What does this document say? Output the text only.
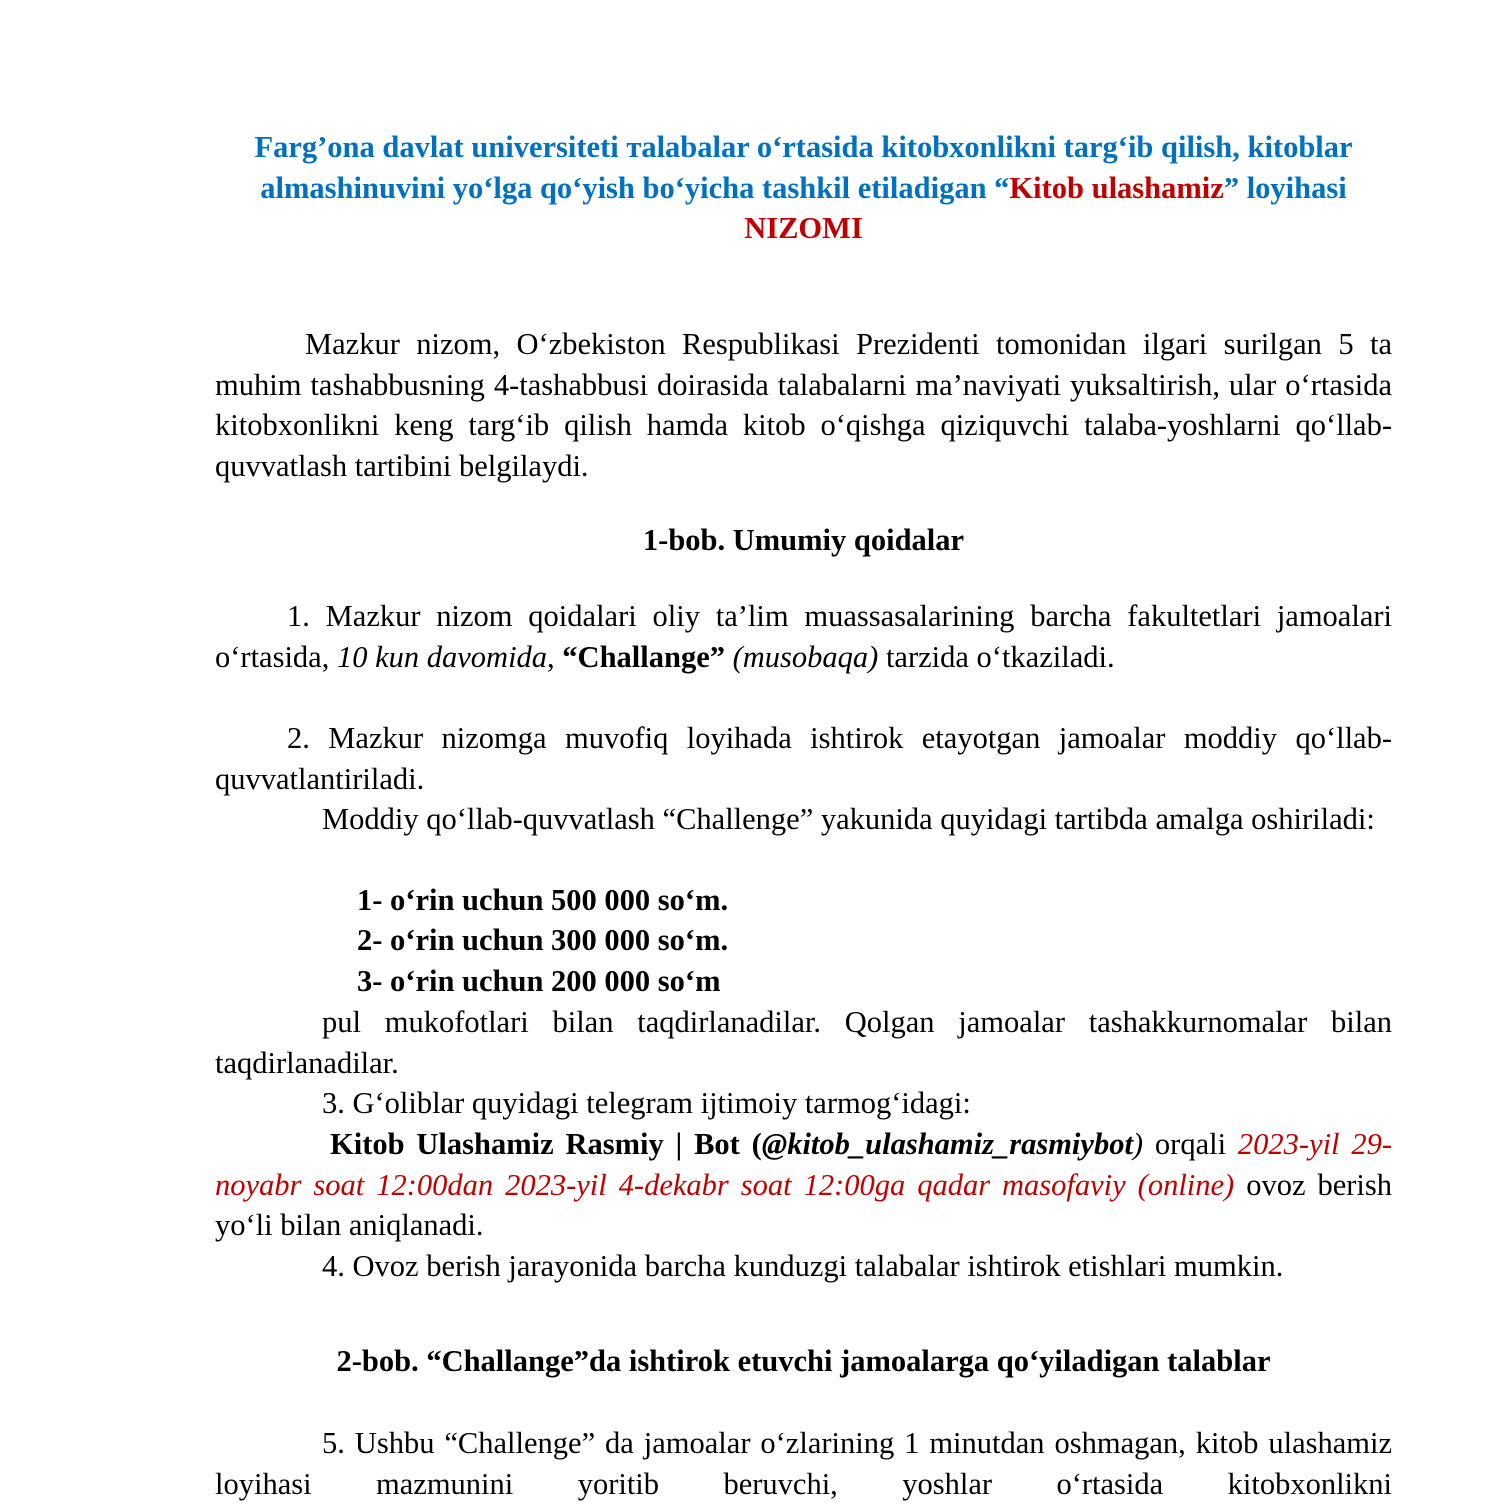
Farg’ona davlat universiteti тalabalar o‘rtasida kitobxonlikni targ‘ib qilish, kitoblar almashinuvini yo‘lga qo‘yish bo‘yicha tashkil etiladigan “Kitob ulashamiz” loyihasi
NIZOMI

Mazkur nizom, O‘zbekiston Respublikasi Prezidenti tomonidan ilgari surilgan 5 ta muhim tashabbusning 4-tashabbusi doirasida talabalarni ma’naviyati yuksaltirish, ular o‘rtasida kitobxonlikni keng targ‘ib qilish hamda kitob o‘qishga qiziquvchi talaba-yoshlarni qo‘llab-quvvatlash tartibini belgilaydi.

1-bob. Umumiy qoidalar

1. Mazkur nizom qoidalari oliy ta’lim muassasalarining barcha fakultetlari jamoalari o‘rtasida, 10 kun davomida, “Challange” (musobaqa) tarzida o‘tkaziladi.

2. Mazkur nizomga muvofiq loyihada ishtirok etayotgan jamoalar moddiy qo‘llab-quvvatlantiriladi.

Moddiy qo‘llab-quvvatlash “Challenge” yakunida quyidagi tartibda amalga oshiriladi:

1- o‘rin uchun 500 000 so‘m.

2- o‘rin uchun 300 000 so‘m.

3- o‘rin uchun 200 000 so‘m

pul mukofotlari bilan taqdirlanadilar. Qolgan jamoalar tashakkurnomalar bilan taqdirlanadilar.

3. G‘oliblar quyidagi telegram ijtimoiy tarmog‘idagi:

Kitob Ulashamiz Rasmiy | Bot (@kitob_ulashamiz_rasmiybot) orqali 2023-yil 29-noyabr soat 12:00dan 2023-yil 4-dekabr soat 12:00ga qadar masofaviy (online) ovoz berish yo‘li bilan aniqlanadi.

4. Ovoz berish jarayonida barcha kunduzgi talabalar ishtirok etishlari mumkin.

2-bob. “Challange”da ishtirok etuvchi jamoalarga qo‘yiladigan talablar

5. Ushbu “Challenge” da jamoalar o‘zlarining 1 minutdan oshmagan, kitob ulashamiz loyihasi mazmunini yoritib beruvchi, yoshlar o‘rtasida kitobxonlikni
